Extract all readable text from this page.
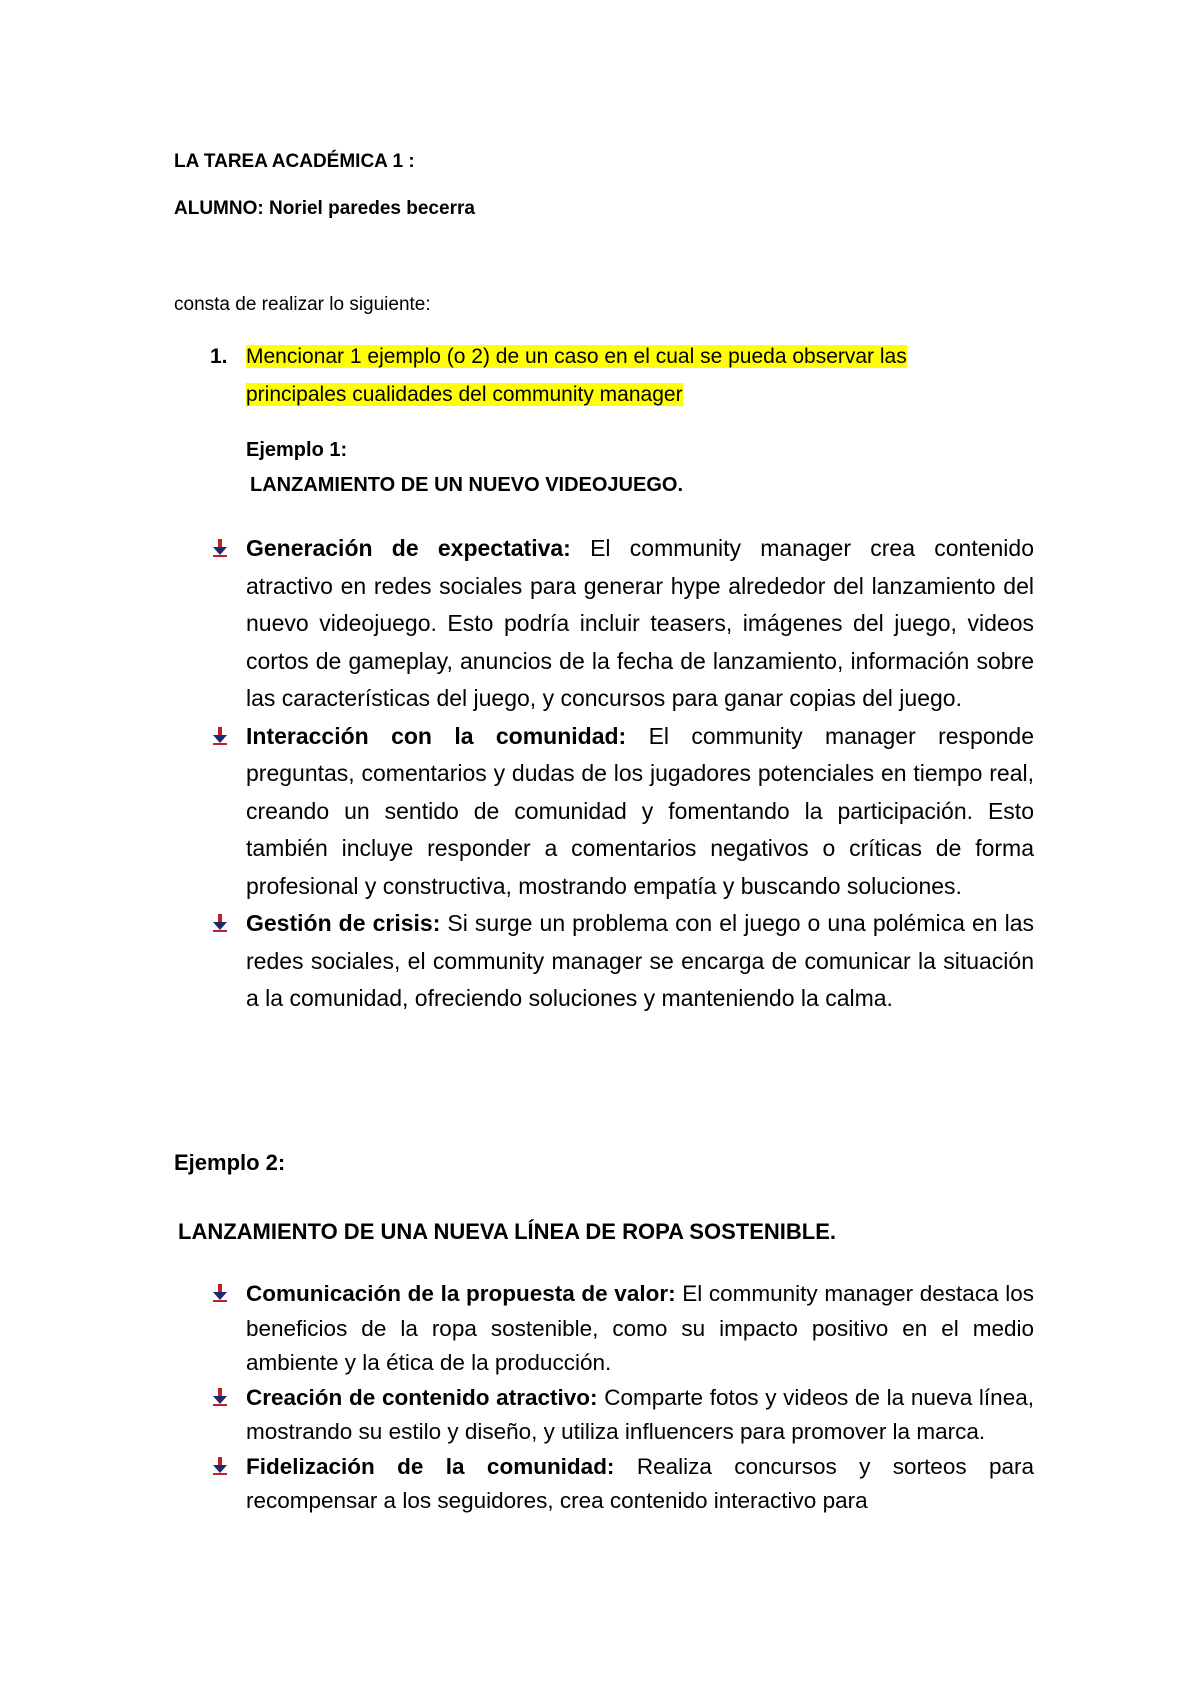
LA TAREA ACADÉMICA 1 :
ALUMNO: Noriel paredes becerra
consta de realizar lo siguiente:
1. Mencionar 1 ejemplo (o 2) de un caso en el cual se pueda observar las
principales cualidades del community manager
Ejemplo 1:
LANZAMIENTO DE UN NUEVO VIDEOJUEGO.
Generación de expectativa: El community manager crea contenido atractivo en redes sociales para generar hype alrededor del lanzamiento del nuevo videojuego. Esto podría incluir teasers, imágenes del juego, videos cortos de gameplay, anuncios de la fecha de lanzamiento, información sobre las características del juego, y concursos para ganar copias del juego.
Interacción con la comunidad: El community manager responde preguntas, comentarios y dudas de los jugadores potenciales en tiempo real, creando un sentido de comunidad y fomentando la participación. Esto también incluye responder a comentarios negativos o críticas de forma profesional y constructiva, mostrando empatía y buscando soluciones.
Gestión de crisis: Si surge un problema con el juego o una polémica en las redes sociales, el community manager se encarga de comunicar la situación a la comunidad, ofreciendo soluciones y manteniendo la calma.
Ejemplo 2:
LANZAMIENTO DE UNA NUEVA LÍNEA DE ROPA SOSTENIBLE.
Comunicación de la propuesta de valor: El community manager destaca los beneficios de la ropa sostenible, como su impacto positivo en el medio ambiente y la ética de la producción.
Creación de contenido atractivo: Comparte fotos y videos de la nueva línea, mostrando su estilo y diseño, y utiliza influencers para promover la marca.
Fidelización de la comunidad: Realiza concursos y sorteos para recompensar a los seguidores, crea contenido interactivo para
